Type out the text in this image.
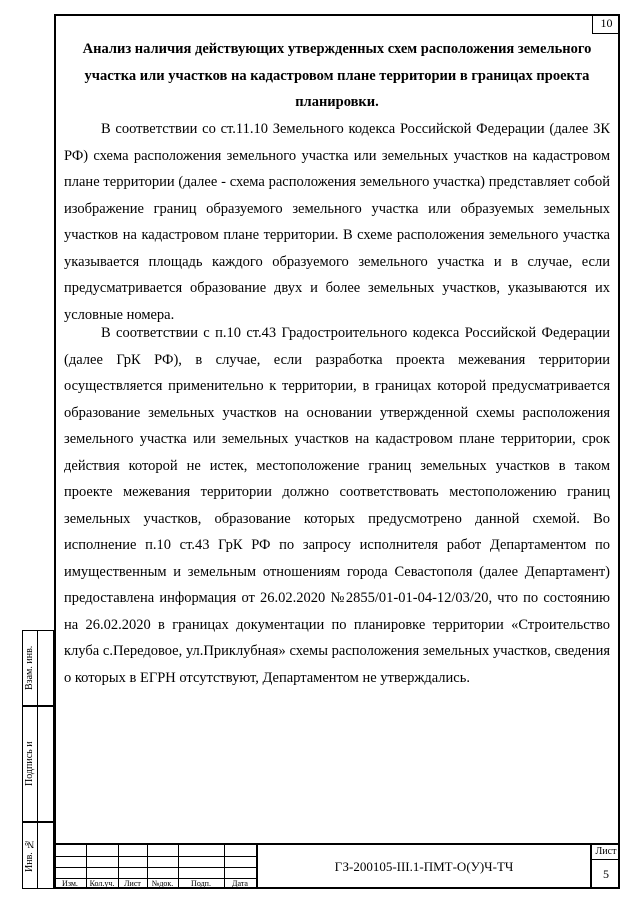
10
Анализ наличия действующих утвержденных схем расположения земельного участка или участков на кадастровом плане территории в границах проекта планировки.

В соответствии со ст.11.10 Земельного кодекса Российской Федерации (далее ЗК РФ) схема расположения земельного участка или земельных участков на кадастровом плане территории (далее - схема расположения земельного участка) представляет собой изображение границ образуемого земельного участка или образуемых земельных участков на кадастровом плане территории. В схеме расположения земельного участка указывается площадь каждого образуемого земельного участка и в случае, если предусматривается образование двух и более земельных участков, указываются их условные номера.

В соответствии с п.10 ст.43 Градостроительного кодекса Российской Федерации (далее ГрК РФ), в случае, если разработка проекта межевания территории осуществляется применительно к территории, в границах которой предусматривается образование земельных участков на основании утвержденной схемы расположения земельного участка или земельных участков на кадастровом плане территории, срок действия которой не истек, местоположение границ земельных участков в таком проекте межевания территории должно соответствовать местоположению границ земельных участков, образование которых предусмотрено данной схемой. Во исполнение п.10 ст.43 ГрК РФ по запросу исполнителя работ Департаментом по имущественным и земельным отношениям города Севастополя (далее Департамент) предоставлена информация от 26.02.2020 №2855/01-01-04-12/03/20, что по состоянию на 26.02.2020 в границах документации по планировке территории «Строительство клуба с.Передовое, ул.Приклубная» схемы расположения земельных участков, сведения о которых в ЕГРН отсутствуют, Департаментом не утверждались.

Взам. инв.
Подпись и
Инв. №
Изм.	Кол.уч.	Лист	№док.	Подп.	Дата
ГЗ-200105-III.1-ПМТ-О(У)Ч-ТЧ
Лист
5
